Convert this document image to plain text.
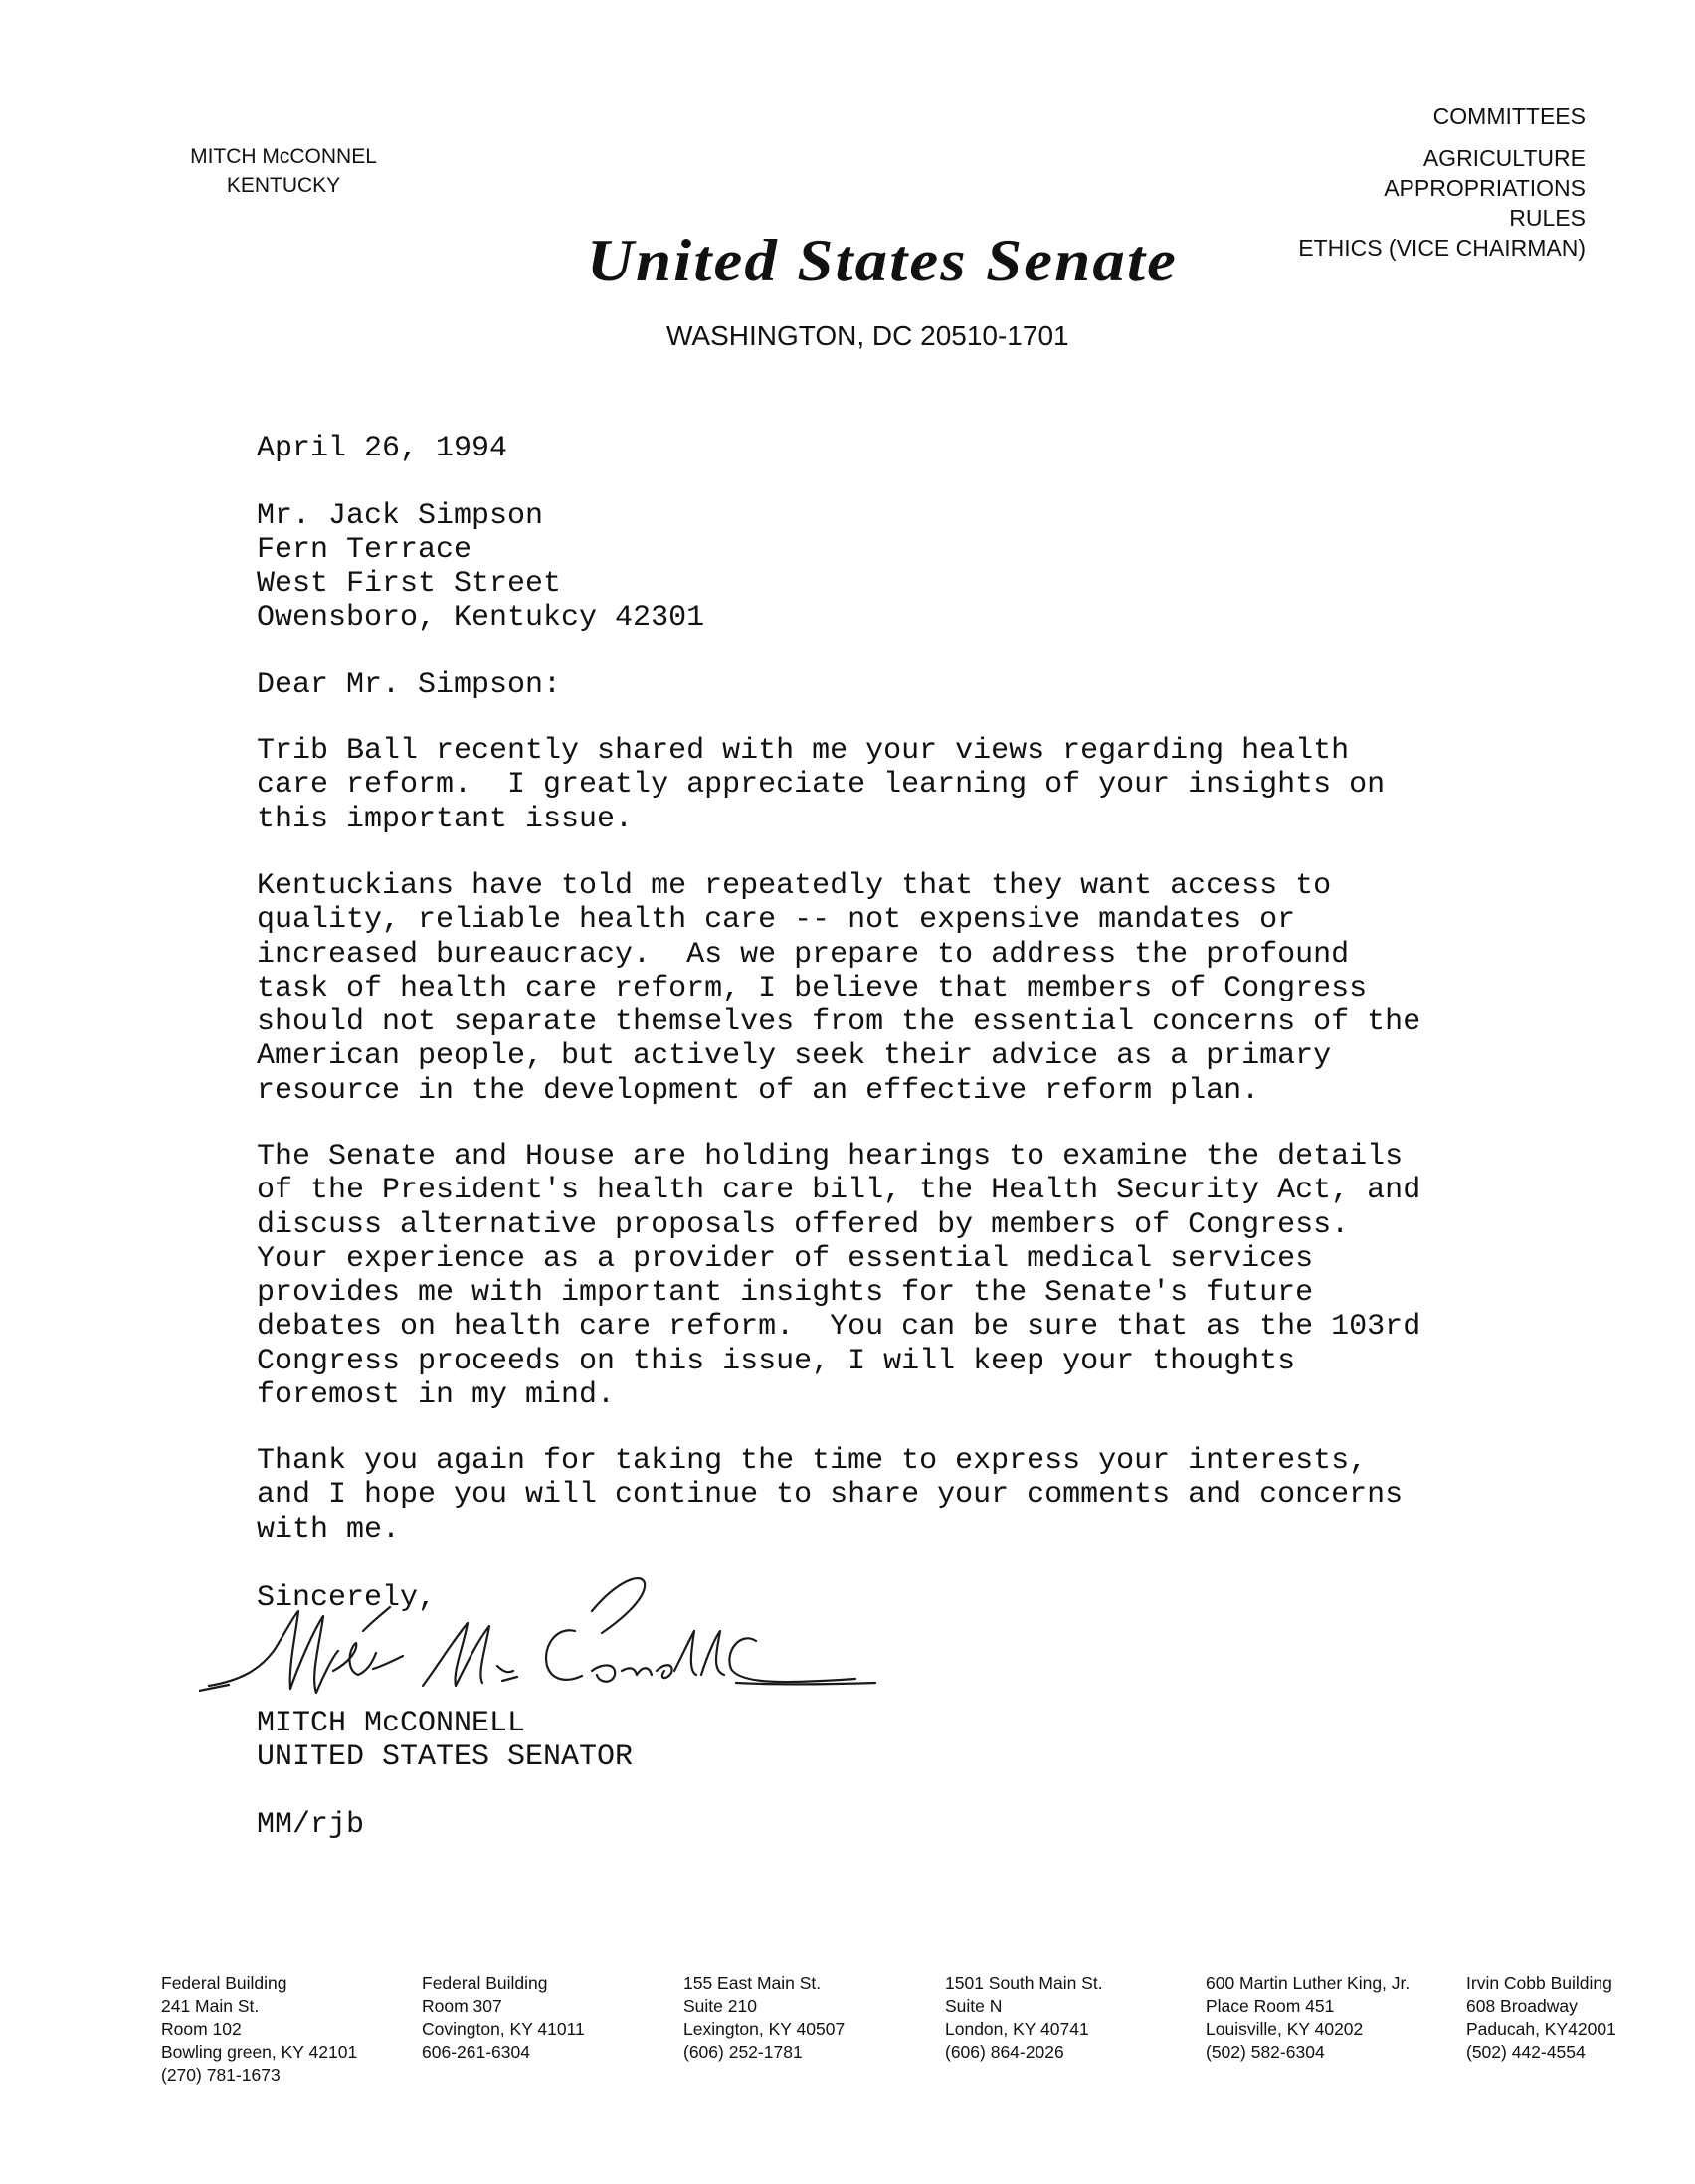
MITCH McCONNEL
KENTUCKY
COMMITTEES
AGRICULTURE
APPROPRIATIONS
RULES
ETHICS (VICE CHAIRMAN)
United States Senate
WASHINGTON, DC 20510-1701
April 26, 1994
Mr. Jack Simpson
Fern Terrace
West First Street
Owensboro, Kentukcy 42301
Dear Mr. Simpson:
Trib Ball recently shared with me your views regarding health
care reform.  I greatly appreciate learning of your insights on
this important issue.
Kentuckians have told me repeatedly that they want access to
quality, reliable health care -- not expensive mandates or
increased bureaucracy.  As we prepare to address the profound
task of health care reform, I believe that members of Congress
should not separate themselves from the essential concerns of the
American people, but actively seek their advice as a primary
resource in the development of an effective reform plan.
The Senate and House are holding hearings to examine the details
of the President's health care bill, the Health Security Act, and
discuss alternative proposals offered by members of Congress.
Your experience as a provider of essential medical services
provides me with important insights for the Senate's future
debates on health care reform.  You can be sure that as the 103rd
Congress proceeds on this issue, I will keep your thoughts
foremost in my mind.
Thank you again for taking the time to express your interests,
and I hope you will continue to share your comments and concerns
with me.
Sincerely,
MITCH McCONNELL
UNITED STATES SENATOR
MM/rjb
Federal Building
241 Main St.
Room 102
Bowling green, KY 42101
(270) 781-1673
Federal Building
Room 307
Covington, KY 41011
606-261-6304
155 East Main St.
Suite 210
Lexington, KY 40507
(606) 252-1781
1501 South Main St.
Suite N
London, KY 40741
(606) 864-2026
600 Martin Luther King, Jr.
Place Room 451
Louisville, KY 40202
(502) 582-6304
Irvin Cobb Building
608 Broadway
Paducah, KY42001
(502) 442-4554
